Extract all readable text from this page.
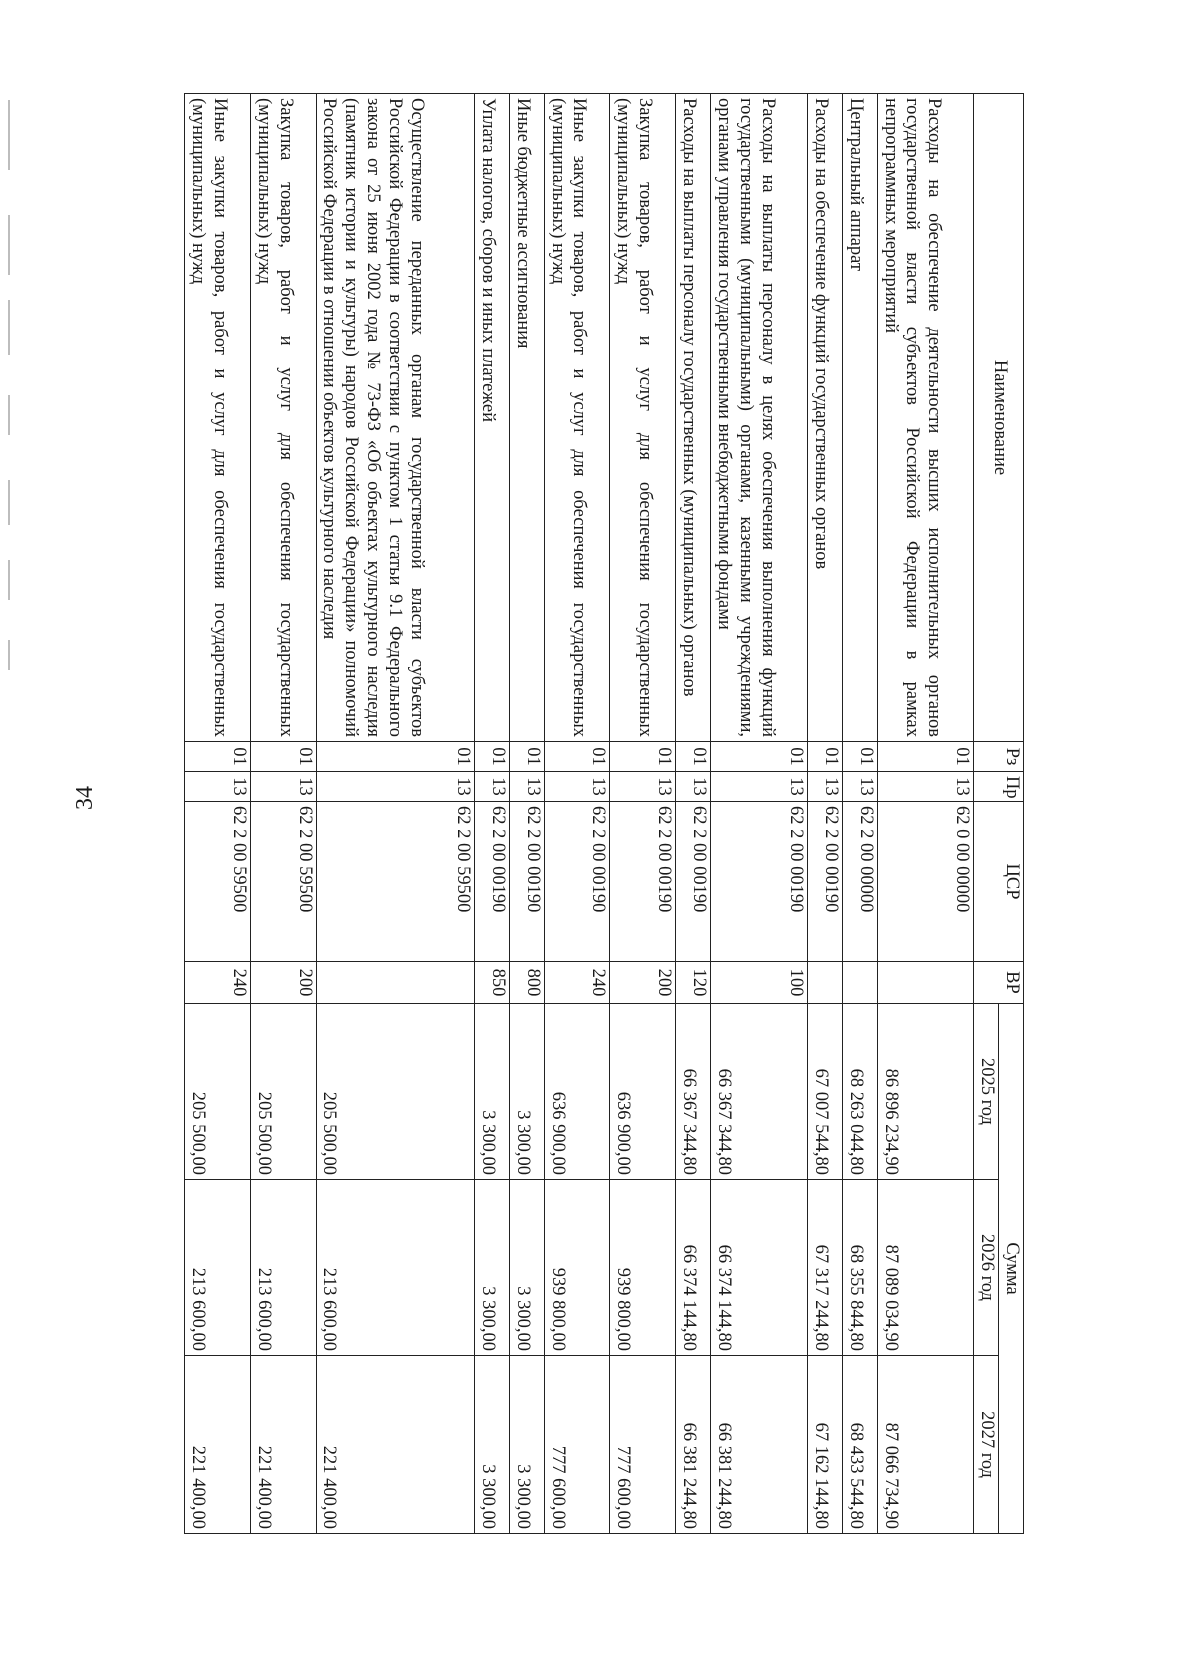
34
Наименование	Рз	Пр	ЦСР	ВР	Сумма		
					2025 год	2026 год	2027 год
Расходы на обеспечение деятельности высших исполнительных органов государственной власти субъектов Российской Федерации в рамках непрограммных мероприятий	01	13	62 0 00 00000		86 896 234,90	87 089 034,90	87 066 734,90
Центральный аппарат	01	13	62 2 00 00000		68 263 044,80	68 355 844,80	68 433 544,80
Расходы на обеспечение функций государственных органов	01	13	62 2 00 00190		67 007 544,80	67 317 244,80	67 162 144,80
Расходы на выплаты персоналу в целях обеспечения выполнения функций государственными (муниципальными) органами, казенными учреждениями, органами управления государственными внебюджетными фондами	01	13	62 2 00 00190	100	66 367 344,80	66 374 144,80	66 381 244,80
Расходы на выплаты персоналу государственных (муниципальных) органов	01	13	62 2 00 00190	120	66 367 344,80	66 374 144,80	66 381 244,80
Закупка товаров, работ и услуг для обеспечения государственных (муниципальных) нужд	01	13	62 2 00 00190	200	636 900,00	939 800,00	777 600,00
Иные закупки товаров, работ и услуг для обеспечения государственных (муниципальных) нужд	01	13	62 2 00 00190	240	636 900,00	939 800,00	777 600,00
Иные бюджетные ассигнования	01	13	62 2 00 00190	800	3 300,00	3 300,00	3 300,00
Уплата налогов, сборов и иных платежей	01	13	62 2 00 00190	850	3 300,00	3 300,00	3 300,00
Осуществление переданных органам государственной власти субъектов Российской Федерации в соответствии с пунктом 1 статьи 9.1 Федерального закона от 25 июня 2002 года № 73-ФЗ «Об объектах культурного наследия (памятник истории и культуры) народов Российской Федерации» полномочий Российской Федерации в отношении объектов культурного наследия	01	13	62 2 00 59500		205 500,00	213 600,00	221 400,00
Закупка товаров, работ и услуг для обеспечения государственных (муниципальных) нужд	01	13	62 2 00 59500	200	205 500,00	213 600,00	221 400,00
Иные закупки товаров, работ и услуг для обеспечения государственных (муниципальных) нужд	01	13	62 2 00 59500	240	205 500,00	213 600,00	221 400,00
